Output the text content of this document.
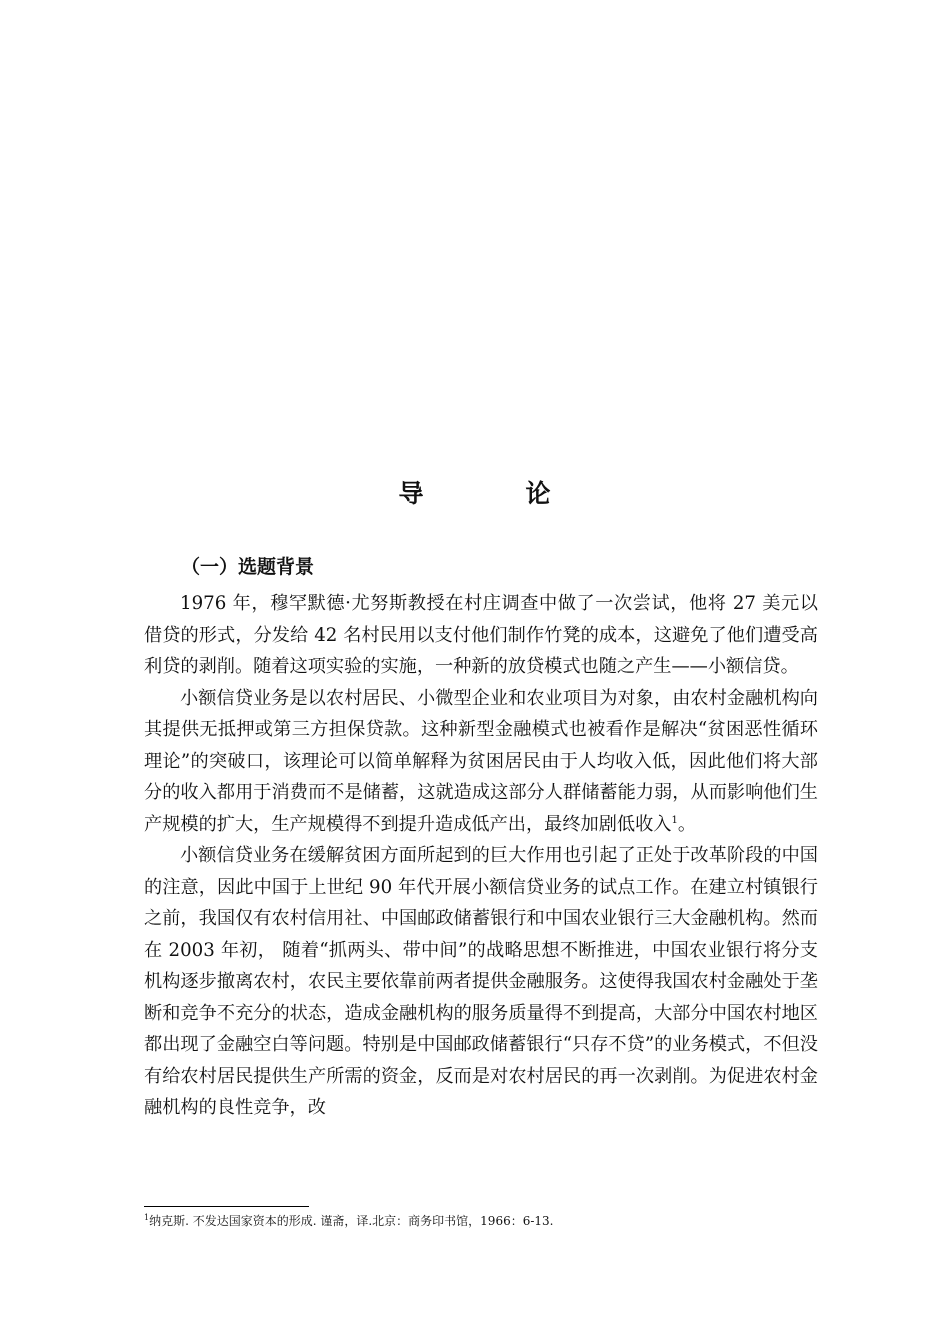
导   论
（一）选题背景

1976 年，穆罕默德·尤努斯教授在村庄调查中做了一次尝试，他将 27 美元以借贷的形式，分发给 42 名村民用以支付他们制作竹凳的成本，这避免了他们遭受高利贷的剥削。随着这项实验的实施，一种新的放贷模式也随之产生——小额信贷。

小额信贷业务是以农村居民、小微型企业和农业项目为对象，由农村金融机构向其提供无抵押或第三方担保贷款。这种新型金融模式也被看作是解决“贫困恶性循环理论”的突破口，该理论可以简单解释为贫困居民由于人均收入低，因此他们将大部分的收入都用于消费而不是储蓄，这就造成这部分人群储蓄能力弱，从而影响他们生产规模的扩大，生产规模得不到提升造成低产出，最终加剧低收入$^1$。

小额信贷业务在缓解贫困方面所起到的巨大作用也引起了正处于改革阶段的中国的注意，因此中国于上世纪 90 年代开展小额信贷业务的试点工作。在建立村镇银行之前，我国仅有农村信用社、中国邮政储蓄银行和中国农业银行三大金融机构。然而在 2003 年初， 随着“抓两头、带中间”的战略思想不断推进，中国农业银行将分支机构逐步撤离农村，农民主要依靠前两者提供金融服务。这使得我国农村金融处于垄断和竞争不充分的状态，造成金融机构的服务质量得不到提高，大部分中国农村地区都出现了金融空白等问题。特别是中国邮政储蓄银行“只存不贷”的业务模式，不但没有给农村居民提供生产所需的资金，反而是对农村居民的再一次剥削。为促进农村金融机构的良性竞争，改

$^1$纳克斯. 不发达国家资本的形成. 谨斋，译.北京：商务印书馆，1966：6-13.
